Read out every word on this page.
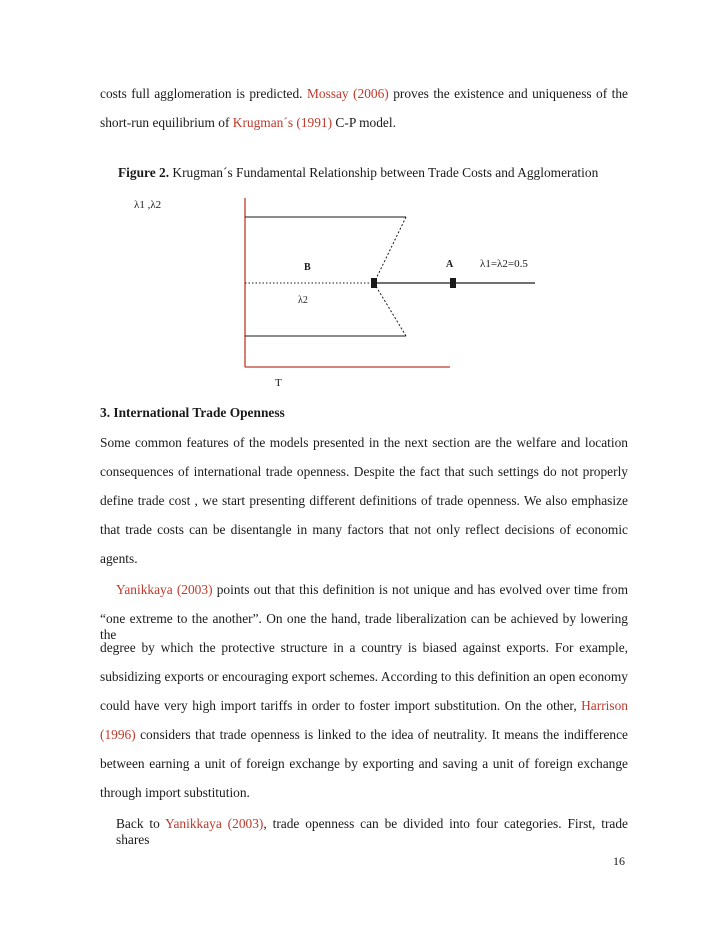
costs full agglomeration is predicted. Mossay (2006) proves the existence and uniqueness of the
short-run equilibrium of Krugman´s (1991) C-P model.
Figure 2. Krugman´s Fundamental Relationship between Trade Costs and Agglomeration
λ1 ,λ2
B	A λ1=λ2=0.5
λ2
T
3. International Trade Openness
Some common features of the models presented in the next section are the welfare and location
consequences of international trade openness. Despite the fact that such settings do not properly
define trade cost , we start presenting different definitions of trade openness. We also emphasize
that trade costs can be disentangle in many factors that not only reflect decisions of economic
agents.
Yanikkaya (2003) points out that this definition is not unique and has evolved over time from
“one extreme to the another”. On one the hand, trade liberalization can be achieved by lowering the
degree by which the protective structure in a country is biased against exports. For example,
subsidizing exports or encouraging export schemes. According to this definition an open economy
could have very high import tariffs in order to foster import substitution. On the other, Harrison
(1996) considers that trade openness is linked to the idea of neutrality. It means the indifference
between earning a unit of foreign exchange by exporting and saving a unit of foreign exchange
through import substitution.
Back to Yanikkaya (2003), trade openness can be divided into four categories. First, trade shares
16
